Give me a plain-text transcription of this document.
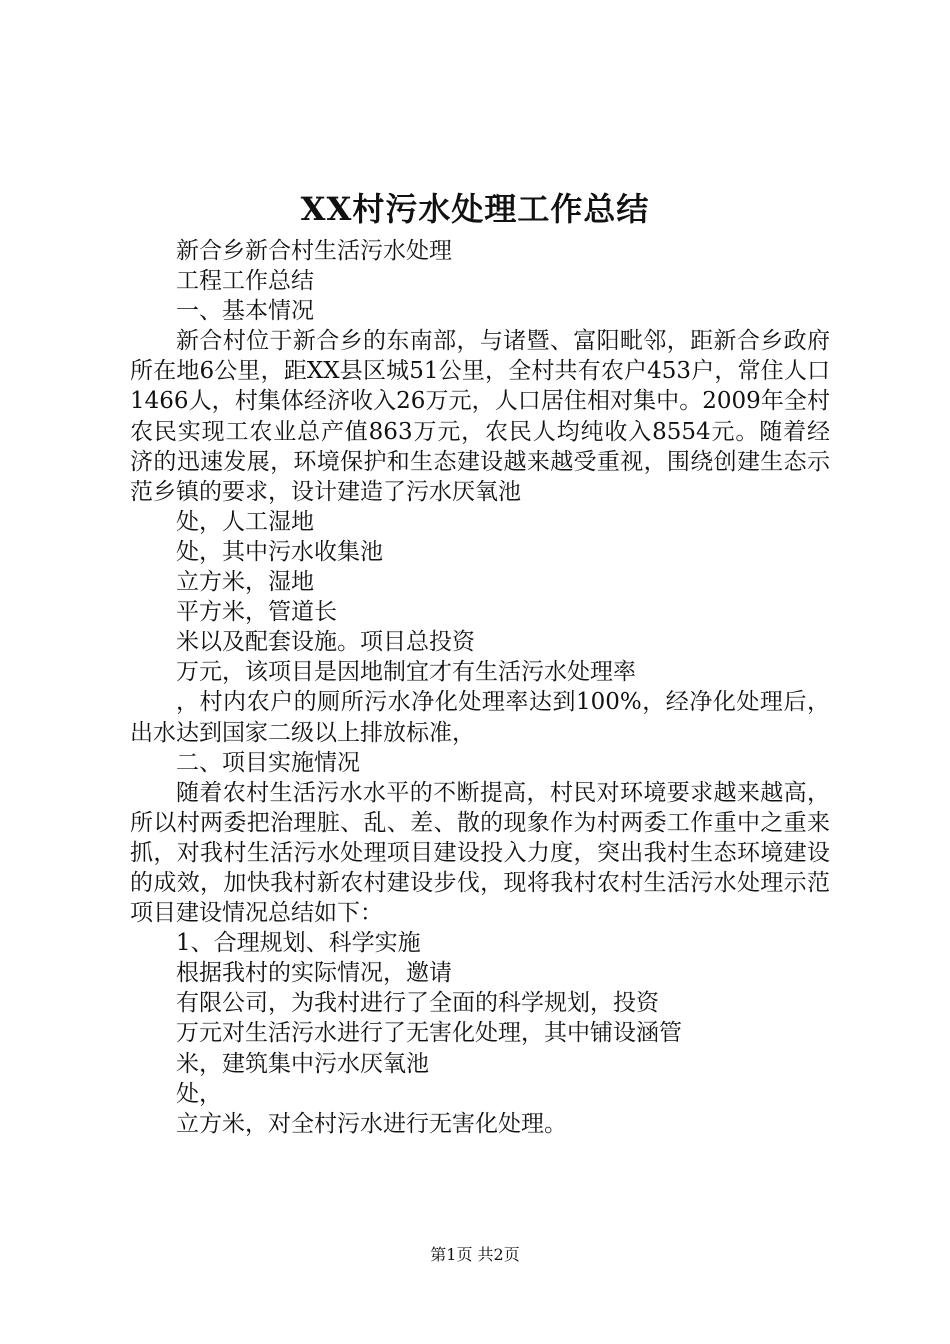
XX村污水处理工作总结

新合乡新合村生活污水处理

工程工作总结

一、基本情况

新合村位于新合乡的东南部，与诸暨、富阳毗邻，距新合乡政府所在地6公里，距XX县区城51公里，全村共有农户453户，常住人口1466人，村集体经济收入26万元，人口居住相对集中。2009年全村农民实现工农业总产值863万元，农民人均纯收入8554元。随着经济的迅速发展，环境保护和生态建设越来越受重视，围绕创建生态示范乡镇的要求，设计建造了污水厌氧池

处，人工湿地

处，其中污水收集池

立方米，湿地

平方米，管道长

米以及配套设施。项目总投资

万元，该项目是因地制宜才有生活污水处理率

，村内农户的厕所污水净化处理率达到100%，经净化处理后，出水达到国家二级以上排放标准，

二、项目实施情况

随着农村生活污水水平的不断提高，村民对环境要求越来越高，所以村两委把治理脏、乱、差、散的现象作为村两委工作重中之重来抓，对我村生活污水处理项目建设投入力度，突出我村生态环境建设的成效，加快我村新农村建设步伐，现将我村农村生活污水处理示范项目建设情况总结如下：

1、合理规划、科学实施

根据我村的实际情况，邀请

有限公司，为我村进行了全面的科学规划，投资

万元对生活污水进行了无害化处理，其中铺设涵管

米，建筑集中污水厌氧池

处，

立方米，对全村污水进行无害化处理。

第1页 共2页
